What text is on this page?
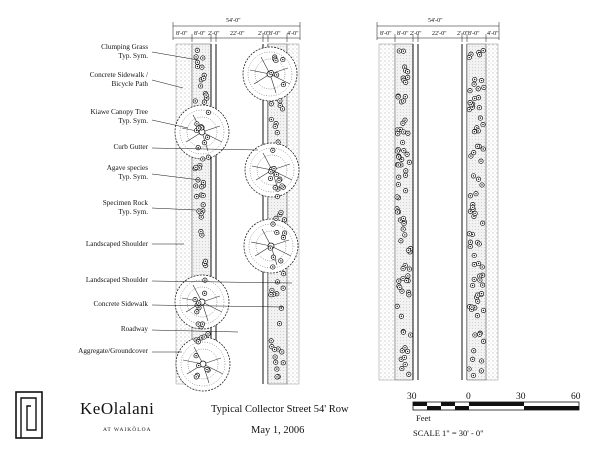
Clumping Grass
Typ. Sym.
Concrete Sidewalk /
Bicycle Path
Kiawe Canopy Tree
Typ. Sym.
Curb Gutter
Agave species
Typ. Sym.
Specimen Rock
Typ. Sym.
Landscaped Shoulder
Landscaped Shoulder
Concrete Sidewalk
Roadway
Aggregate/Groundcover
54'-0"	54'-0"
8'-0" 8'-0" 2'-0" 22'-0" 2'-0" 8'-0" 4'-0"	8'-0" 8'-0" 2'-0" 22'-0" 2'-0" 8'-0" 4'-0"
KeOlalani
AT WAIKŌLOA
Typical Collector Street 54' Row
May 1, 2006
30	0	30	60
Feet
SCALE 1" = 30' - 0"
